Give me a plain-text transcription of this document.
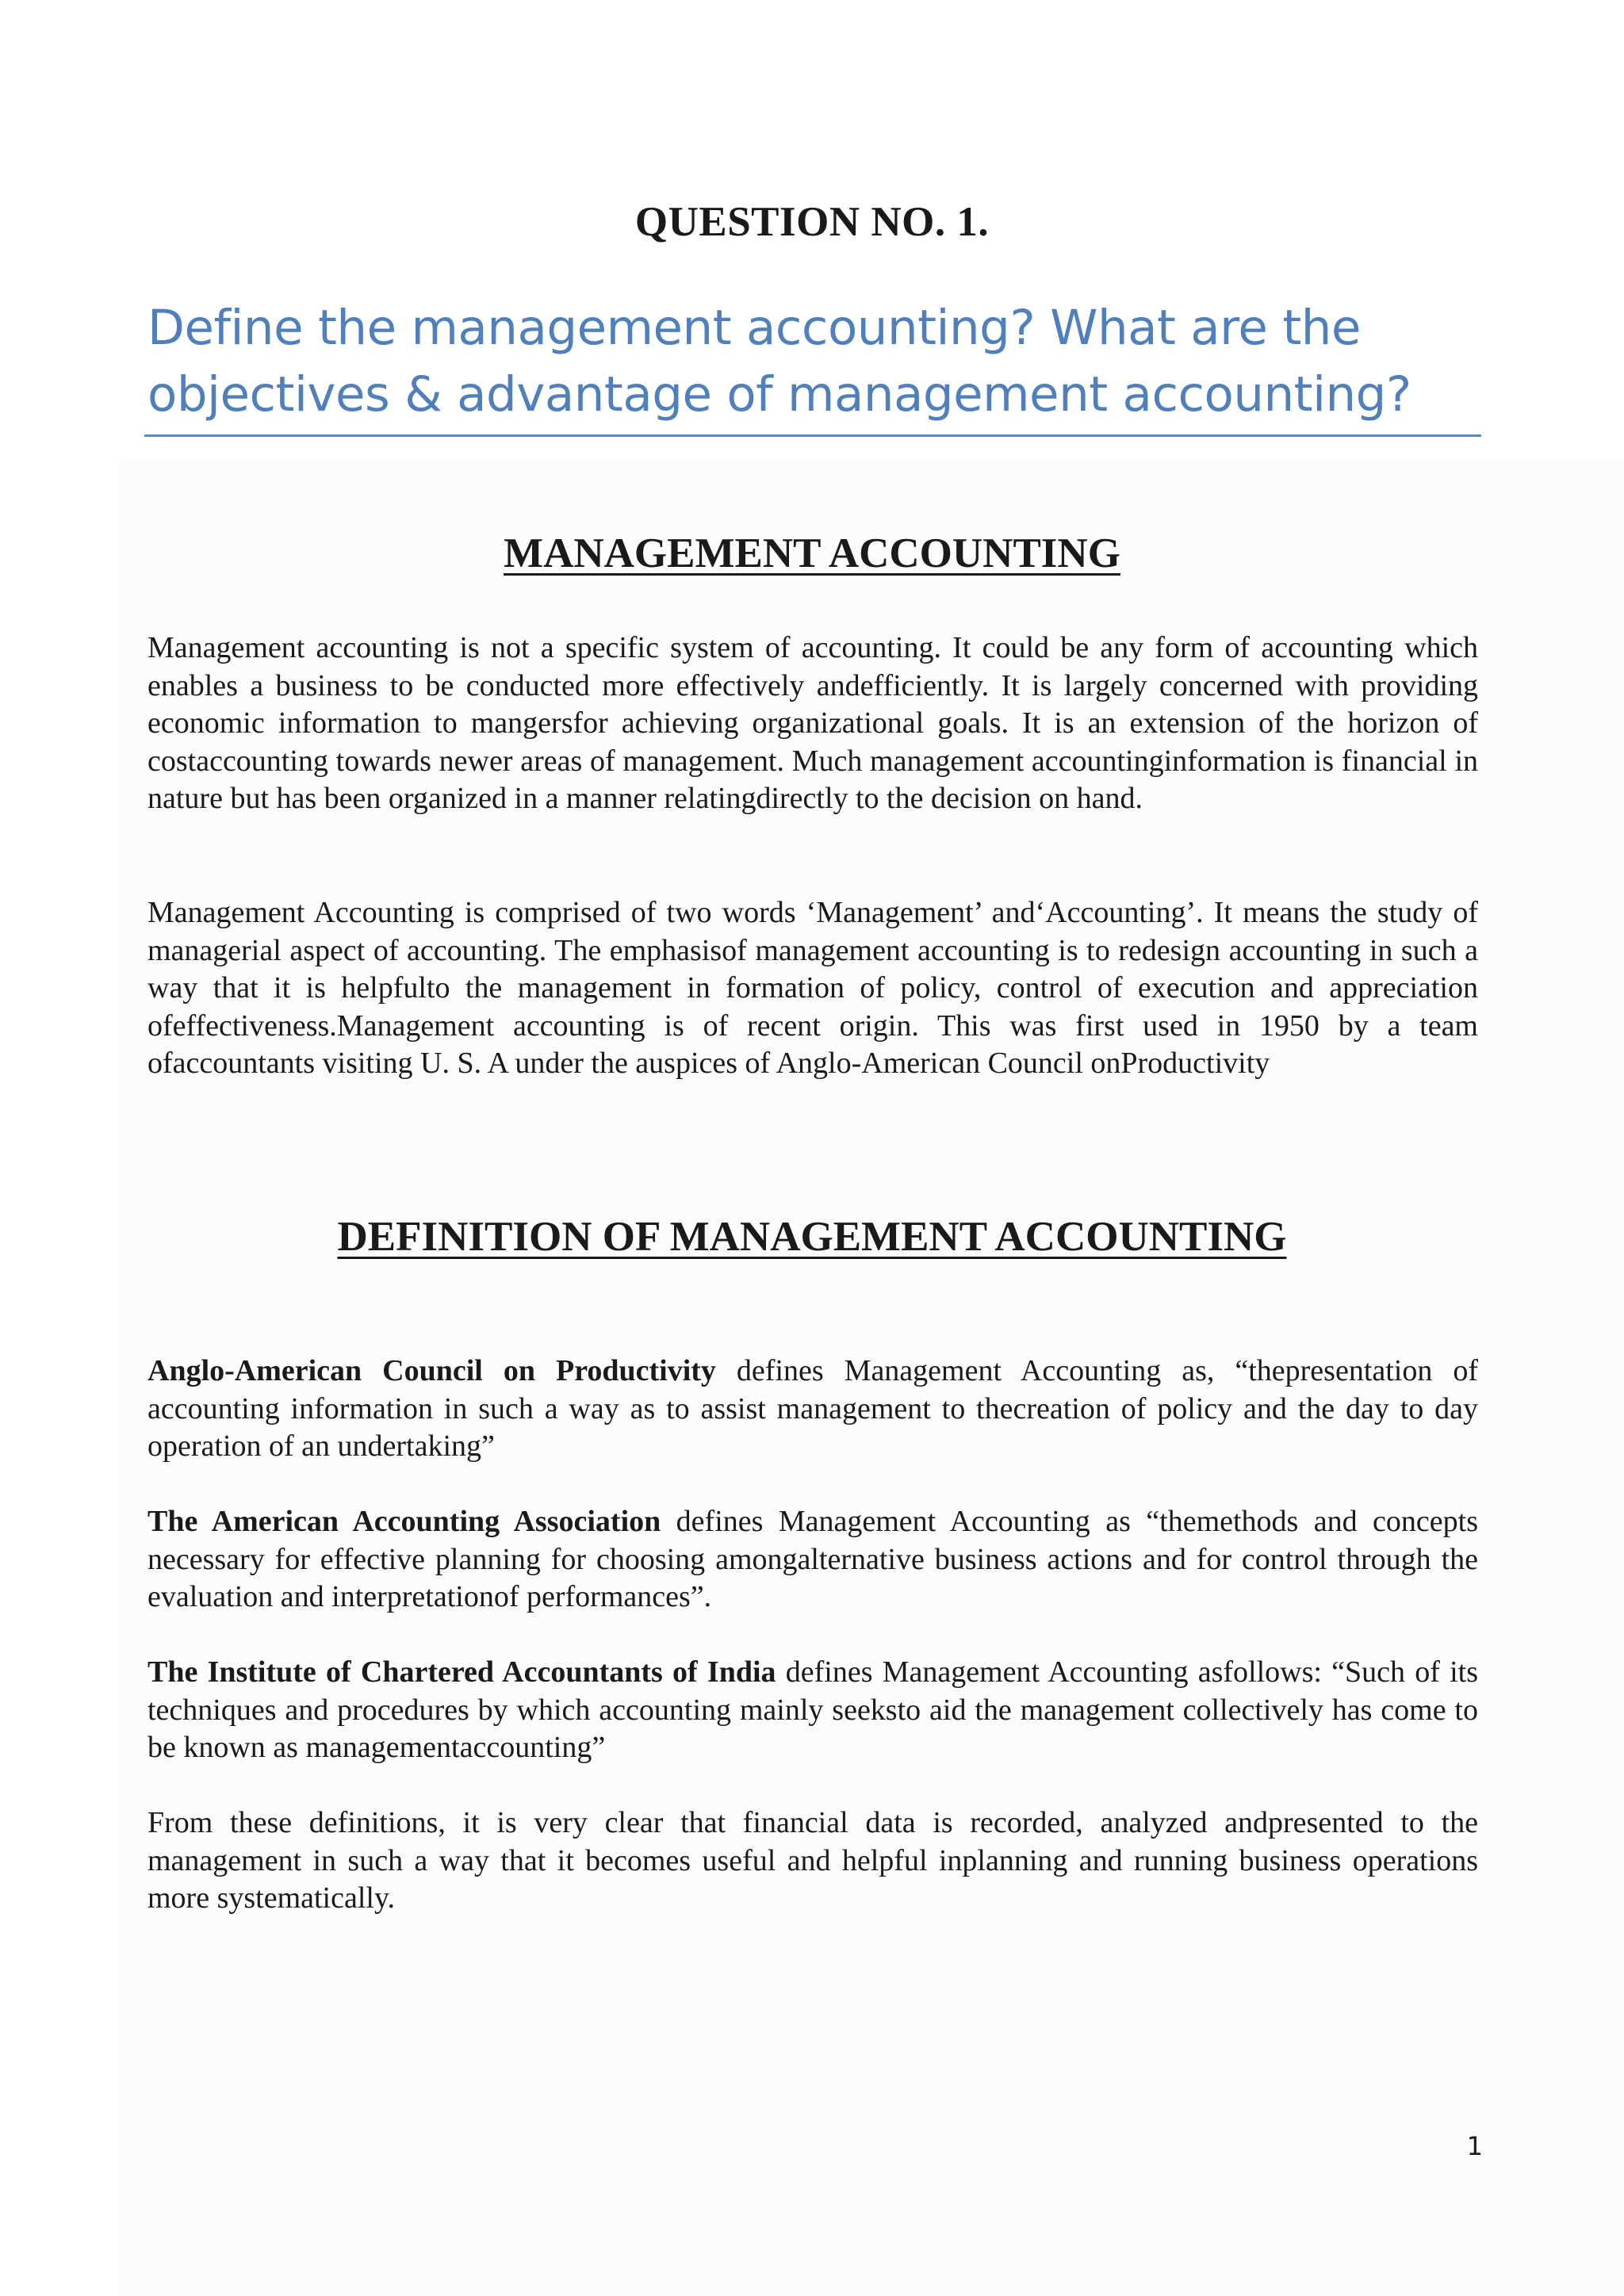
QUESTION NO. 1.
Define the management accounting? What are the objectives & advantage of management accounting?
MANAGEMENT ACCOUNTING
Management accounting is not a specific system of accounting. It could be any form of accounting which enables a business to be conducted more effectively andefficiently. It is largely concerned with providing economic information to mangersfor achieving organizational goals. It is an extension of the horizon of costaccounting towards newer areas of management. Much management accountinginformation is financial in nature but has been organized in a manner relatingdirectly to the decision on hand.
Management Accounting is comprised of two words ‘Management’ and‘Accounting’. It means the study of managerial aspect of accounting. The emphasisof management accounting is to redesign accounting in such a way that it is helpfulto the management in formation of policy, control of execution and appreciation ofeffectiveness.Management accounting is of recent origin. This was first used in 1950 by a team ofaccountants visiting U. S. A under the auspices of Anglo-American Council onProductivity
DEFINITION OF MANAGEMENT ACCOUNTING
Anglo-American Council on Productivity defines Management Accounting as, “thepresentation of accounting information in such a way as to assist management to thecreation of policy and the day to day operation of an undertaking”
The American Accounting Association defines Management Accounting as “themethods and concepts necessary for effective planning for choosing amongalternative business actions and for control through the evaluation and interpretationof performances”.
The Institute of Chartered Accountants of India defines Management Accounting asfollows: “Such of its techniques and procedures by which accounting mainly seeksto aid the management collectively has come to be known as managementaccounting”
From these definitions, it is very clear that financial data is recorded, analyzed andpresented to the management in such a way that it becomes useful and helpful inplanning and running business operations more systematically.
1
